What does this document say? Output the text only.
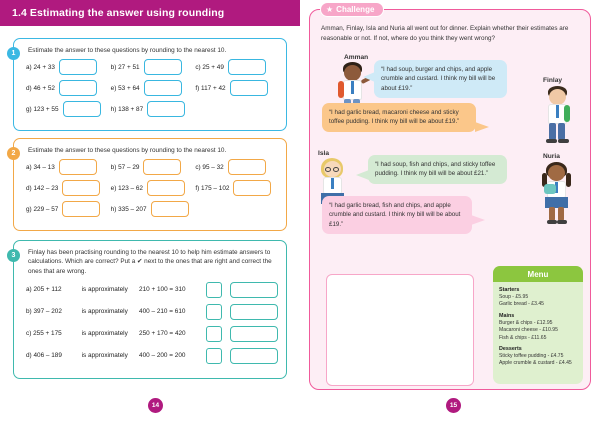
1.4 Estimating the answer using rounding
1	Estimate the answer to these questions by rounding to the nearest 10.
a) 24 + 33	b) 27 + 51	c) 25 + 49
d) 46 + 52	e) 53 + 64	f) 117 + 42
g) 123 + 55	h) 138 + 87
2	Estimate the answer to these questions by rounding to the nearest 10.
a) 34 – 13	b) 57 – 29	c) 95 – 32
d) 142 – 23	e) 123 – 62	f) 175 – 102
g) 229 – 57	h) 335 – 207
3	Finlay has been practising rounding to the nearest 10 to help him estimate answers to calculations. Which are correct? Put a ✔ next to the ones that are right and correct the ones that are wrong.
a) 205 + 112	is approximately	210 + 100 = 310
b) 397 – 202	is approximately	400 – 210 = 610
c) 255 + 175	is approximately	250 + 170 = 420
d) 406 – 189	is approximately	400 – 200 = 200
14
★ Challenge
Amman, Finlay, Isla and Nuria all went out for dinner. Explain whether their estimates are reasonable or not. If not, where do you think they went wrong?
Amman
“I had soup, burger and chips, and apple crumble and custard. I think my bill will be about £19.”
Finlay
“I had garlic bread, macaroni cheese and sticky toffee pudding. I think my bill will be about £19.”
Isla
“I had soup, fish and chips, and sticky toffee pudding. I think my bill will be about £21.”
Nuria
“I had garlic bread, fish and chips, and apple crumble and custard. I think my bill will be about £19.”
Menu
Starters
Soup - £5.95
Garlic bread - £3.45
Mains
Burger & chips - £12.95
Macaroni cheese - £10.95
Fish & chips - £11.65
Desserts
Sticky toffee pudding - £4.75
Apple crumble & custard - £4.45
15
